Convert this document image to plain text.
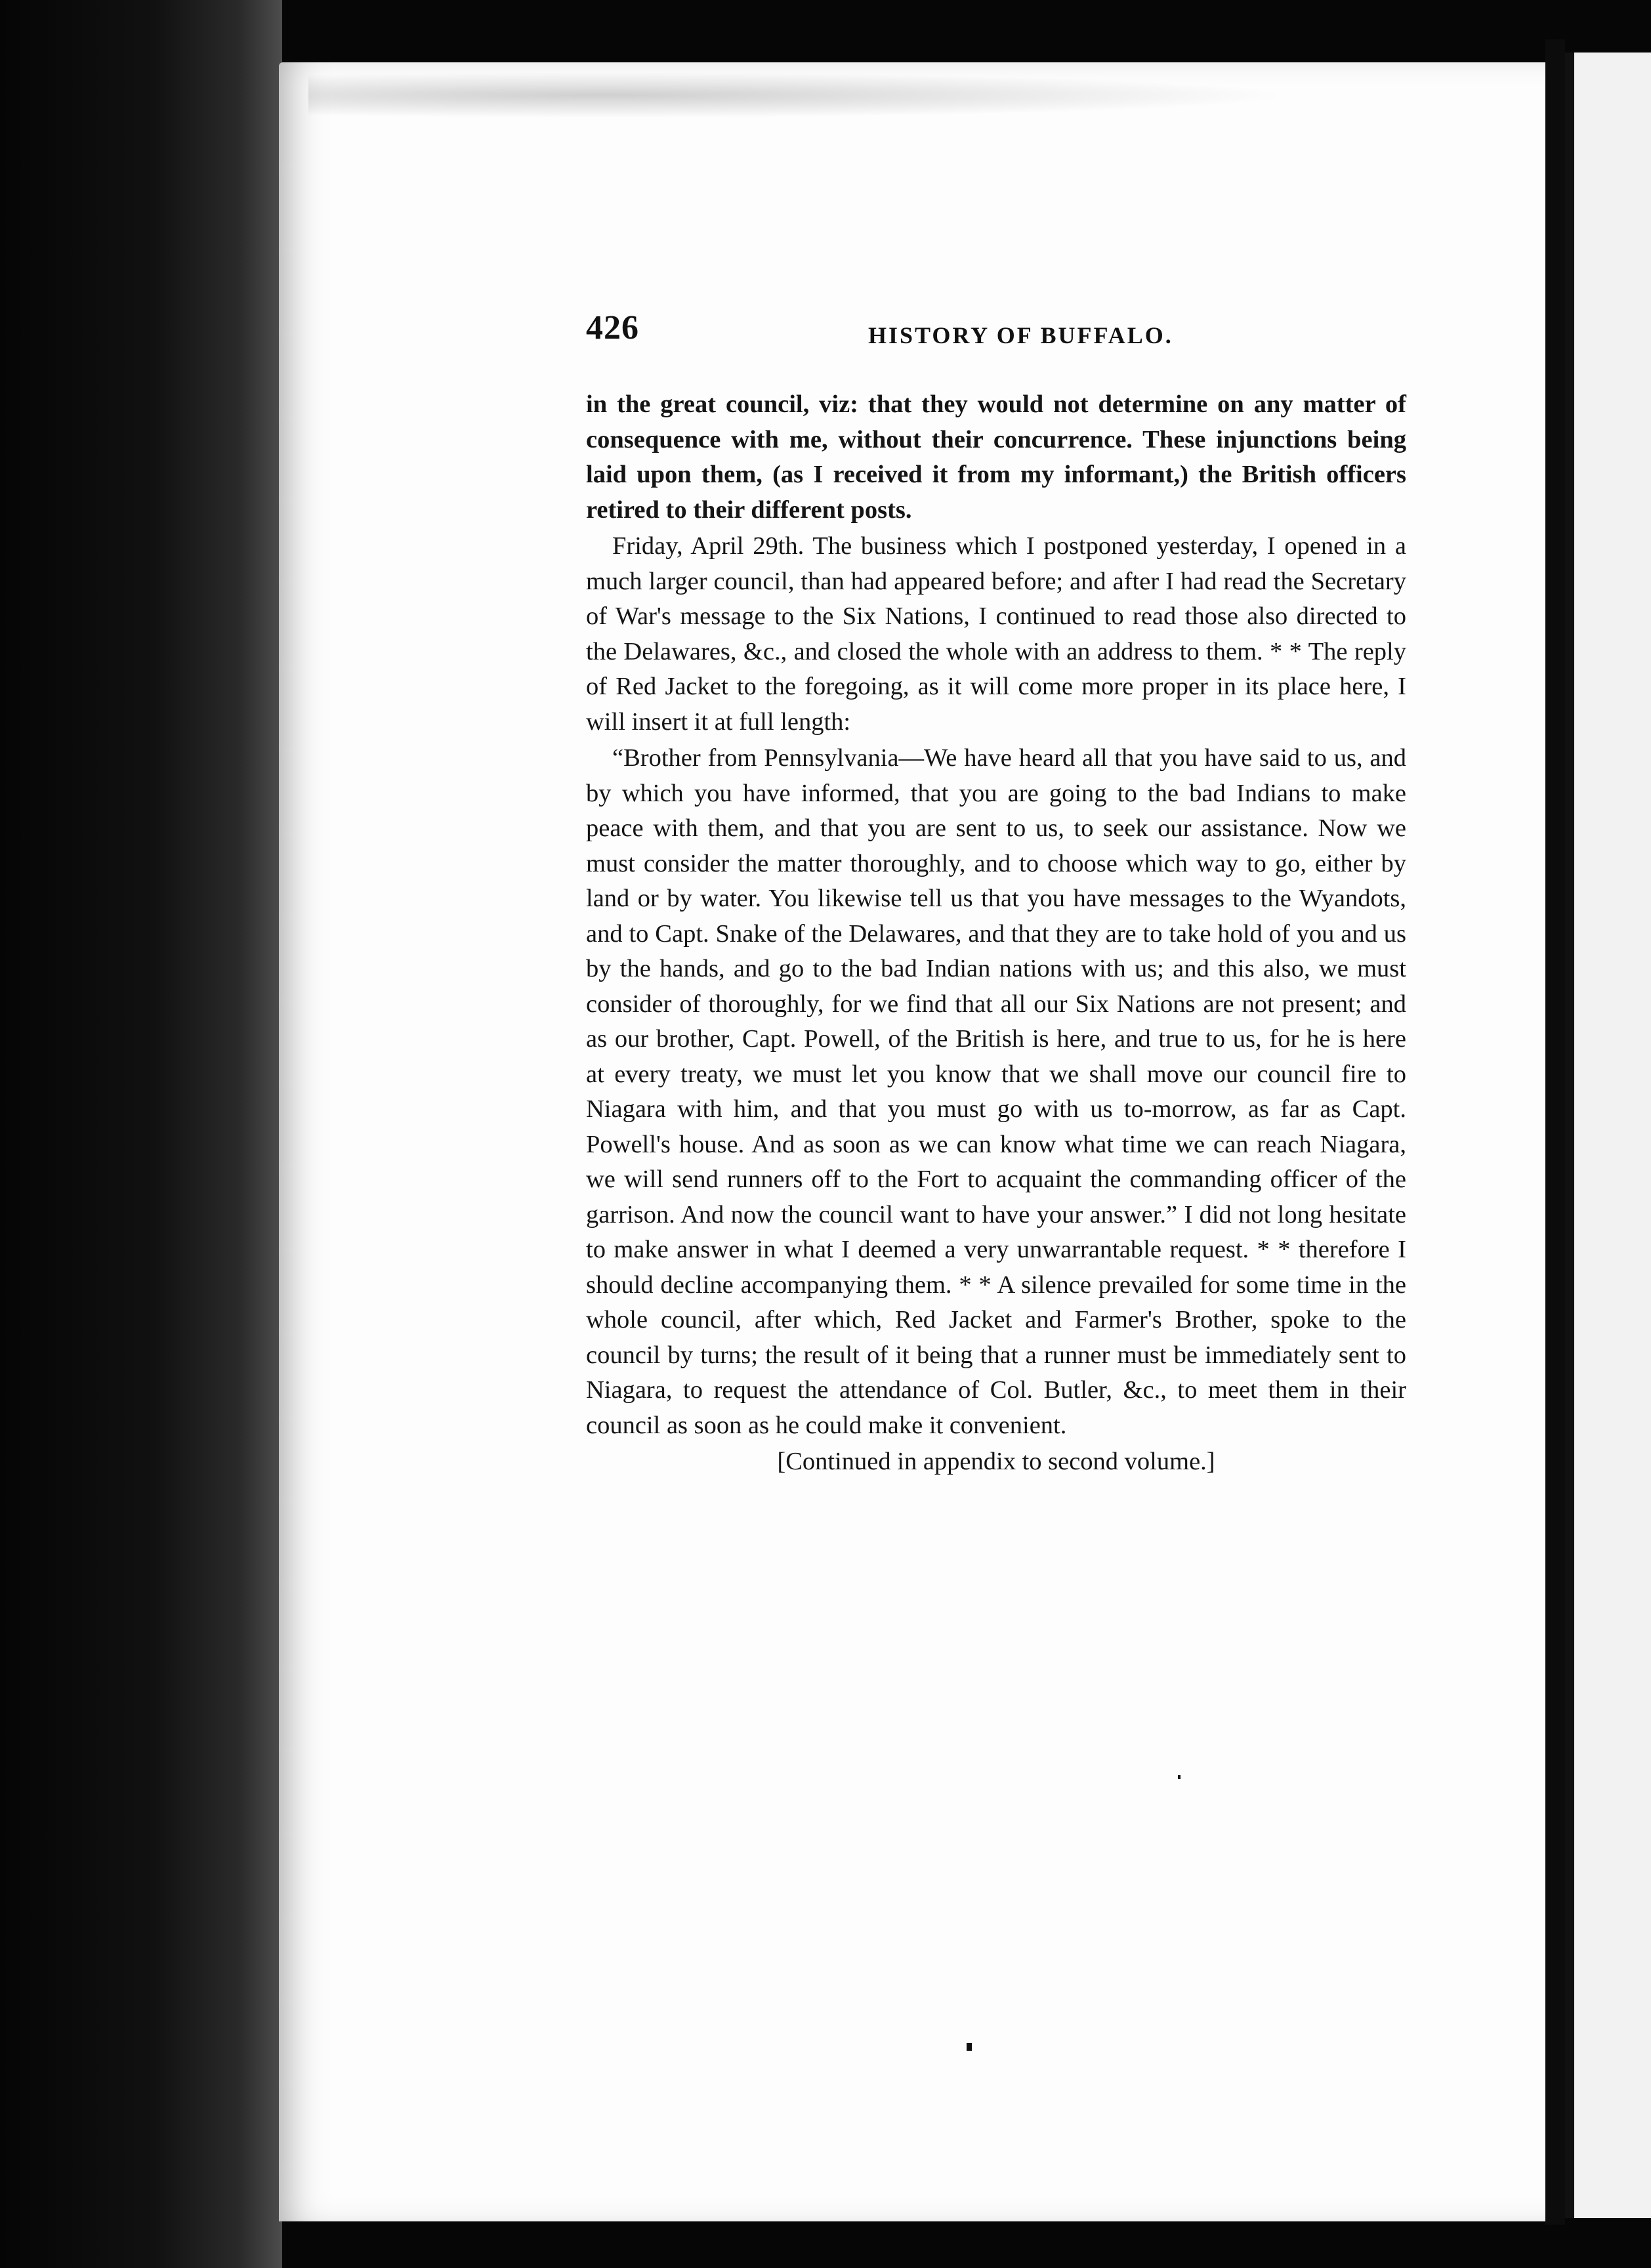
426	HISTORY OF BUFFALO.

in the great council, viz: that they would not determine on any matter of consequence with me, without their concurrence. These injunctions being laid upon them, (as I received it from my informant,) the British officers retired to their different posts.

Friday, April 29th. The business which I postponed yesterday, I opened in a much larger council, than had appeared before; and after I had read the Secretary of War's message to the Six Nations, I continued to read those also directed to the Delawares, &c., and closed the whole with an address to them. * * The reply of Red Jacket to the foregoing, as it will come more proper in its place here, I will insert it at full length:

“Brother from Pennsylvania—We have heard all that you have said to us, and by which you have informed, that you are going to the bad Indians to make peace with them, and that you are sent to us, to seek our assistance. Now we must consider the matter thoroughly, and to choose which way to go, either by land or by water. You likewise tell us that you have messages to the Wyandots, and to Capt. Snake of the Delawares, and that they are to take hold of you and us by the hands, and go to the bad Indian nations with us; and this also, we must consider of thoroughly, for we find that all our Six Nations are not present; and as our brother, Capt. Powell, of the British is here, and true to us, for he is here at every treaty, we must let you know that we shall move our council fire to Niagara with him, and that you must go with us to-morrow, as far as Capt. Powell's house. And as soon as we can know what time we can reach Niagara, we will send runners off to the Fort to acquaint the commanding officer of the garrison. And now the council want to have your answer.” I did not long hesitate to make answer in what I deemed a very unwarrantable request. * * therefore I should decline accompanying them. * * A silence prevailed for some time in the whole council, after which, Red Jacket and Farmer's Brother, spoke to the council by turns; the result of it being that a runner must be immediately sent to Niagara, to request the attendance of Col. Butler, &c., to meet them in their council as soon as he could make it convenient.

[Continued in appendix to second volume.]
